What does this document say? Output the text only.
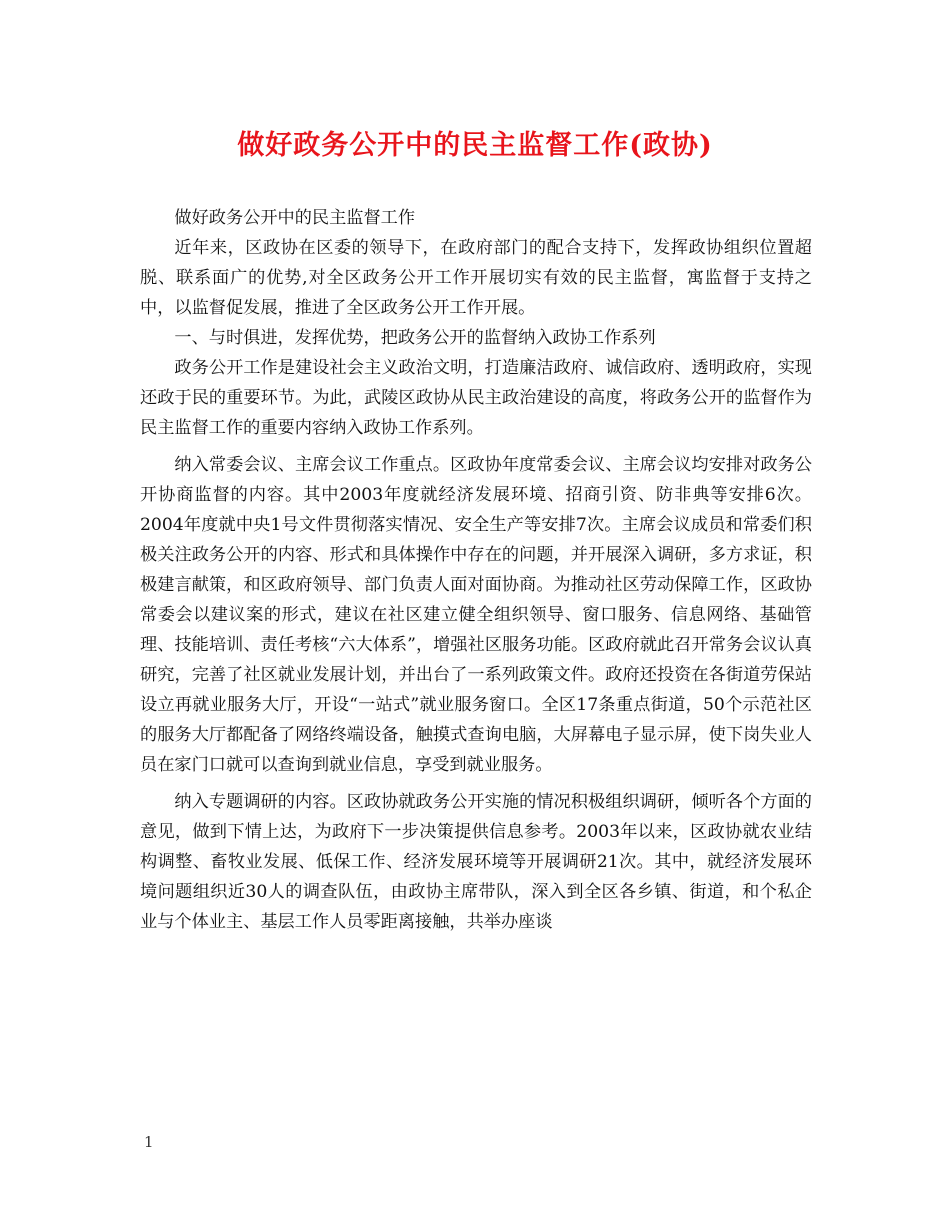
做好政务公开中的民主监督工作(政协)

做好政务公开中的民主监督工作

近年来，区政协在区委的领导下，在政府部门的配合支持下，发挥政协组织位置超脱、联系面广的优势,对全区政务公开工作开展切实有效的民主监督，寓监督于支持之中，以监督促发展，推进了全区政务公开工作开展。

一、与时俱进，发挥优势，把政务公开的监督纳入政协工作系列

政务公开工作是建设社会主义政治文明，打造廉洁政府、诚信政府、透明政府，实现还政于民的重要环节。为此，武陵区政协从民主政治建设的高度，将政务公开的监督作为民主监督工作的重要内容纳入政协工作系列。

纳入常委会议、主席会议工作重点。区政协年度常委会议、主席会议均安排对政务公开协商监督的内容。其中2003年度就经济发展环境、招商引资、防非典等安排6次。2004年度就中央1号文件贯彻落实情况、安全生产等安排7次。主席会议成员和常委们积极关注政务公开的内容、形式和具体操作中存在的问题，并开展深入调研，多方求证，积极建言献策，和区政府领导、部门负责人面对面协商。为推动社区劳动保障工作，区政协常委会以建议案的形式，建议在社区建立健全组织领导、窗口服务、信息网络、基础管理、技能培训、责任考核“六大体系”，增强社区服务功能。区政府就此召开常务会议认真研究，完善了社区就业发展计划，并出台了一系列政策文件。政府还投资在各街道劳保站设立再就业服务大厅，开设“一站式”就业服务窗口。全区17条重点街道，50个示范社区的服务大厅都配备了网络终端设备，触摸式查询电脑，大屏幕电子显示屏，使下岗失业人员在家门口就可以查询到就业信息，享受到就业服务。

纳入专题调研的内容。区政协就政务公开实施的情况积极组织调研，倾听各个方面的意见，做到下情上达，为政府下一步决策提供信息参考。2003年以来，区政协就农业结构调整、畜牧业发展、低保工作、经济发展环境等开展调研21次。其中，就经济发展环境问题组织近30人的调查队伍，由政协主席带队，深入到全区各乡镇、街道，和个私企业与个体业主、基层工作人员零距离接触，共举办座谈

1
